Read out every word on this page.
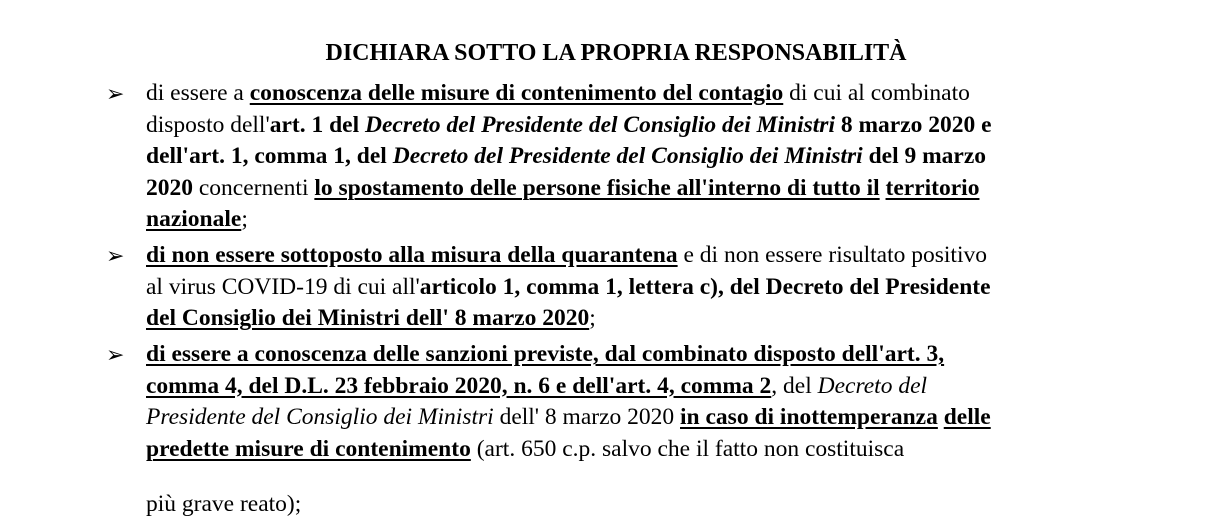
DICHIARA SOTTO LA PROPRIA RESPONSABILITÀ
➢ di essere a conoscenza delle misure di contenimento del contagio di cui al combinato
disposto dell'art. 1 del Decreto del Presidente del Consiglio dei Ministri 8 marzo 2020 e
dell'art. 1, comma 1, del Decreto del Presidente del Consiglio dei Ministri del 9 marzo
2020 concernenti lo spostamento delle persone fisiche all'interno di tutto il territorio
nazionale;
➢ di non essere sottoposto alla misura della quarantena e di non essere risultato positivo
al virus COVID-19 di cui all'articolo 1, comma 1, lettera c), del Decreto del Presidente
del Consiglio dei Ministri dell' 8 marzo 2020;
➢ di essere a conoscenza delle sanzioni previste, dal combinato disposto dell'art. 3,
comma 4, del D.L. 23 febbraio 2020, n. 6 e dell'art. 4, comma 2, del Decreto del
Presidente del Consiglio dei Ministri dell' 8 marzo 2020 in caso di inottemperanza delle
predette misure di contenimento (art. 650 c.p. salvo che il fatto non costituisca
più grave reato);
